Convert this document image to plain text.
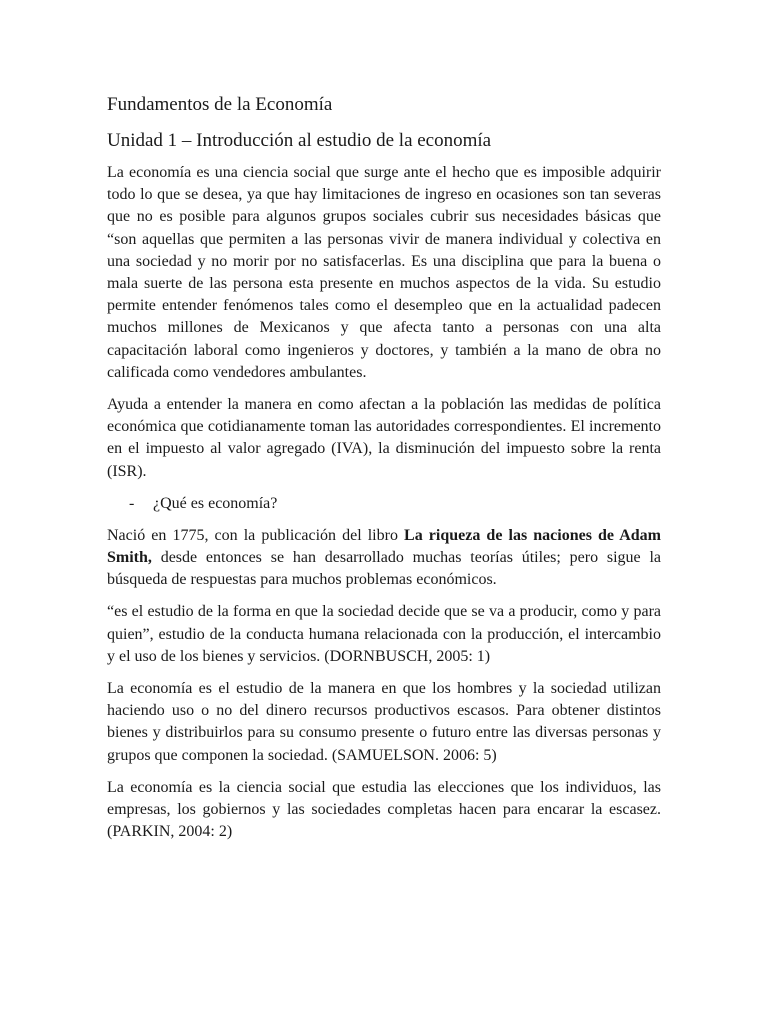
Fundamentos de la Economía
Unidad 1 – Introducción al estudio de la economía

La economía es una ciencia social que surge ante el hecho que es imposible adquirir todo lo que se desea, ya que hay limitaciones de ingreso en ocasiones son tan severas que no es posible para algunos grupos sociales cubrir sus necesidades básicas que “son aquellas que permiten a las personas vivir de manera individual y colectiva en una sociedad y no morir por no satisfacerlas. Es una disciplina que para la buena o mala suerte de las persona esta presente en muchos aspectos de la vida. Su estudio permite entender fenómenos tales como el desempleo que en la actualidad padecen muchos millones de Mexicanos y que afecta tanto a personas con una alta capacitación laboral como ingenieros y doctores, y también a la mano de obra no calificada como vendedores ambulantes.

Ayuda a entender la manera en como afectan a la población las medidas de política económica que cotidianamente toman las autoridades correspondientes. El incremento en el impuesto al valor agregado (IVA), la disminución del impuesto sobre la renta (ISR).

-	¿Qué es economía?

Nació en 1775, con la publicación del libro La riqueza de las naciones de Adam Smith, desde entonces se han desarrollado muchas teorías útiles; pero sigue la búsqueda de respuestas para muchos problemas económicos.

“es el estudio de la forma en que la sociedad decide que se va a producir, como y para quien”, estudio de la conducta humana relacionada con la producción, el intercambio y el uso de los bienes y servicios. (DORNBUSCH, 2005: 1)

La economía es el estudio de la manera en que los hombres y la sociedad utilizan haciendo uso o no del dinero recursos productivos escasos. Para obtener distintos bienes y distribuirlos para su consumo presente o futuro entre las diversas personas y grupos que componen la sociedad. (SAMUELSON. 2006: 5)

La economía es la ciencia social que estudia las elecciones que los individuos, las empresas, los gobiernos y las sociedades completas hacen para encarar la escasez. (PARKIN, 2004: 2)
